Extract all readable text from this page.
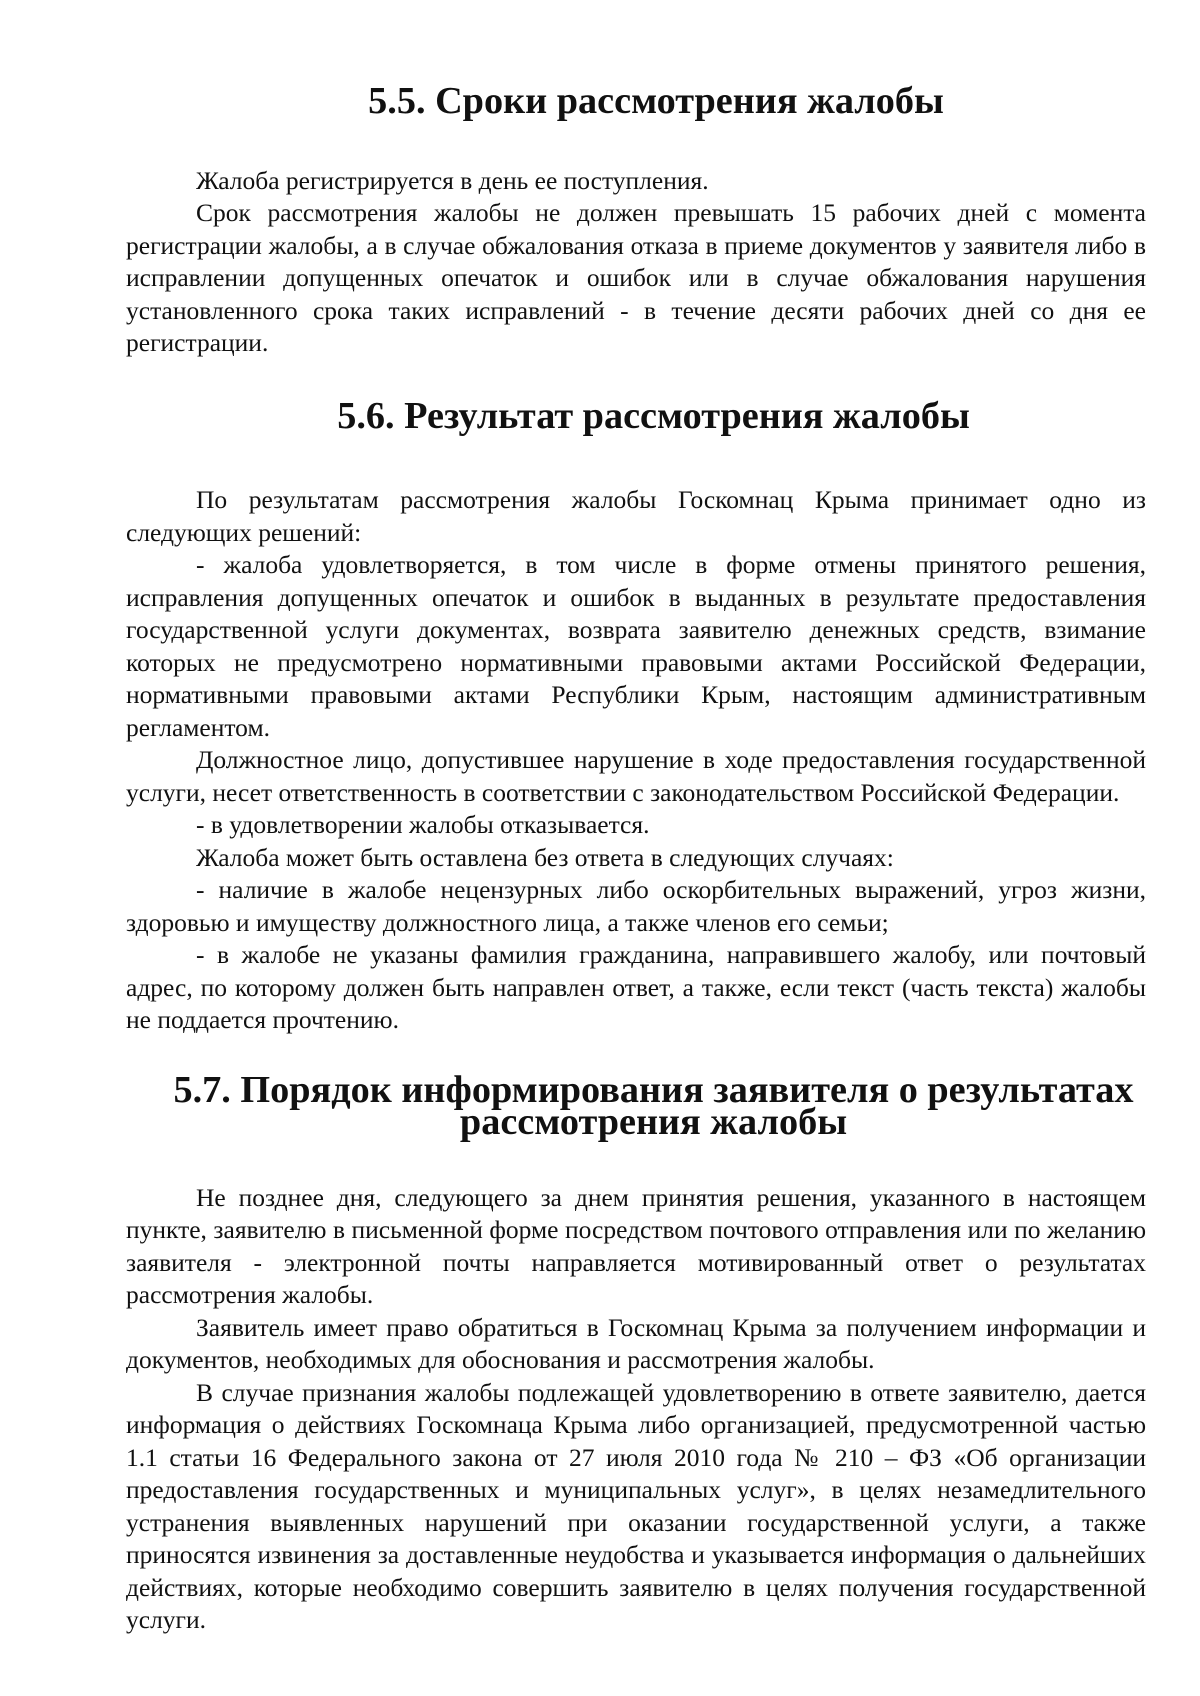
5.5. Сроки рассмотрения жалобы

Жалоба регистрируется в день ее поступления.

Срок рассмотрения жалобы не должен превышать 15 рабочих дней с момента регистрации жалобы, а в случае обжалования отказа в приеме документов у заявителя либо в исправлении допущенных опечаток и ошибок или в случае обжалования нарушения установленного срока таких исправлений - в течение десяти рабочих дней со дня ее регистрации.

5.6. Результат рассмотрения жалобы

По результатам рассмотрения жалобы Госкомнац Крыма принимает одно из следующих решений:

- жалоба удовлетворяется, в том числе в форме отмены принятого решения, исправления допущенных опечаток и ошибок в выданных в результате предоставления государственной услуги документах, возврата заявителю денежных средств, взимание которых не предусмотрено нормативными правовыми актами Российской Федерации, нормативными правовыми актами Республики Крым, настоящим административным регламентом.

Должностное лицо, допустившее нарушение в ходе предоставления государственной услуги, несет ответственность в соответствии с законодательством Российской Федерации.

- в удовлетворении жалобы отказывается.

Жалоба может быть оставлена без ответа в следующих случаях:

- наличие в жалобе нецензурных либо оскорбительных выражений, угроз жизни, здоровью и имуществу должностного лица, а также членов его семьи;

- в жалобе не указаны фамилия гражданина, направившего жалобу, или почтовый адрес, по которому должен быть направлен ответ, а также, если текст (часть текста) жалобы не поддается прочтению.

5.7. Порядок информирования заявителя о результатах
рассмотрения жалобы

Не позднее дня, следующего за днем принятия решения, указанного в настоящем пункте, заявителю в письменной форме посредством почтового отправления или по желанию заявителя - электронной почты направляется мотивированный ответ о результатах рассмотрения жалобы.

Заявитель имеет право обратиться в Госкомнац Крыма за получением информации и документов, необходимых для обоснования и рассмотрения жалобы.

В случае признания жалобы подлежащей удовлетворению в ответе заявителю, дается информация о действиях Госкомнаца Крыма либо организацией, предусмотренной частью 1.1 статьи 16 Федерального закона от 27 июля 2010 года № 210 – ФЗ «Об организации предоставления государственных и муниципальных услуг», в целях незамедлительного устранения выявленных нарушений при оказании государственной услуги, а также приносятся извинения за доставленные неудобства и указывается информация о дальнейших действиях, которые необходимо совершить заявителю в целях получения государственной услуги.
